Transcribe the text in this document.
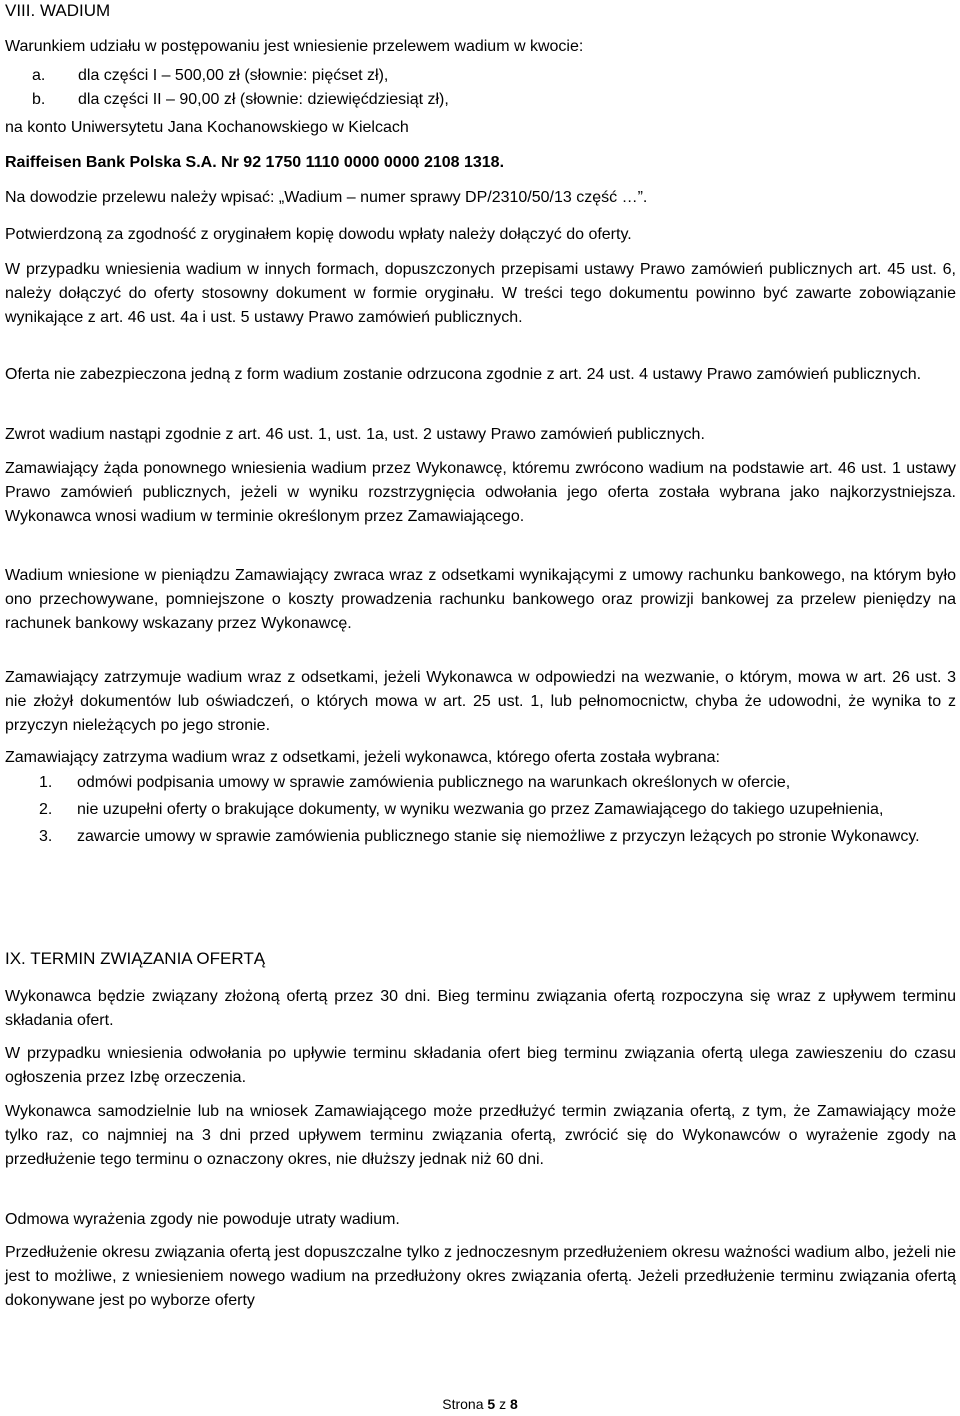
VIII. WADIUM

Warunkiem udziału w postępowaniu jest wniesienie przelewem wadium w kwocie:

a. dla części I – 500,00 zł (słownie: pięćset zł),
b. dla części II – 90,00 zł (słownie: dziewięćdziesiąt zł),

na konto Uniwersytetu Jana Kochanowskiego w Kielcach

Raiffeisen Bank Polska S.A. Nr 92 1750 1110 0000 0000 2108 1318.

Na dowodzie przelewu należy wpisać: „Wadium – numer sprawy DP/2310/50/13 część …”.

Potwierdzoną za zgodność z oryginałem kopię dowodu wpłaty należy dołączyć do oferty.

W przypadku wniesienia wadium w innych formach, dopuszczonych przepisami ustawy Prawo zamówień publicznych art. 45 ust. 6, należy dołączyć do oferty stosowny dokument w formie oryginału. W treści tego dokumentu powinno być zawarte zobowiązanie wynikające z art. 46 ust. 4a i ust. 5 ustawy Prawo zamówień publicznych.

Oferta nie zabezpieczona jedną z form wadium zostanie odrzucona zgodnie z art. 24 ust. 4 ustawy Prawo zamówień publicznych.

Zwrot wadium nastąpi zgodnie z art. 46 ust. 1, ust. 1a, ust. 2 ustawy Prawo zamówień publicznych.

Zamawiający żąda ponownego wniesienia wadium przez Wykonawcę, któremu zwrócono wadium na podstawie art. 46 ust. 1 ustawy Prawo zamówień publicznych, jeżeli w wyniku rozstrzygnięcia odwołania jego oferta została wybrana jako najkorzystniejsza. Wykonawca wnosi wadium w terminie określonym przez Zamawiającego.

Wadium wniesione w pieniądzu Zamawiający zwraca wraz z odsetkami wynikającymi z umowy rachunku bankowego, na którym było ono przechowywane, pomniejszone o koszty prowadzenia rachunku bankowego oraz prowizji bankowej za przelew pieniędzy na rachunek bankowy wskazany przez Wykonawcę.

Zamawiający zatrzymuje wadium wraz z odsetkami, jeżeli Wykonawca w odpowiedzi na wezwanie, o którym, mowa w art. 26 ust. 3 nie złożył dokumentów lub oświadczeń, o których mowa w art. 25 ust. 1, lub pełnomocnictw, chyba że udowodni, że wynika to z przyczyn nieleżących po jego stronie.

Zamawiający zatrzyma wadium wraz z odsetkami, jeżeli wykonawca, którego oferta została wybrana:

1. odmówi podpisania umowy w sprawie zamówienia publicznego na warunkach określonych w ofercie,
2. nie uzupełni oferty o brakujące dokumenty, w wyniku wezwania go przez Zamawiającego do takiego uzupełnienia,
3. zawarcie umowy w sprawie zamówienia publicznego stanie się niemożliwe z przyczyn leżących po stronie Wykonawcy.
IX. TERMIN ZWIĄZANIA OFERTĄ

Wykonawca będzie związany złożoną ofertą przez 30 dni. Bieg terminu związania ofertą rozpoczyna się wraz z upływem terminu składania ofert.

W przypadku wniesienia odwołania po upływie terminu składania ofert bieg terminu związania ofertą ulega zawieszeniu do czasu ogłoszenia przez Izbę orzeczenia.

Wykonawca samodzielnie lub na wniosek Zamawiającego może przedłużyć termin związania ofertą, z tym, że Zamawiający może tylko raz, co najmniej na 3 dni przed upływem terminu związania ofertą, zwrócić się do Wykonawców o wyrażenie zgody na przedłużenie tego terminu o oznaczony okres, nie dłuższy jednak niż 60 dni.

Odmowa wyrażenia zgody nie powoduje utraty wadium.

Przedłużenie okresu związania ofertą jest dopuszczalne tylko z jednoczesnym przedłużeniem okresu ważności wadium albo, jeżeli nie jest to możliwe, z wniesieniem nowego wadium na przedłużony okres związania ofertą. Jeżeli przedłużenie terminu związania ofertą dokonywane jest po wyborze oferty

Strona 5 z 8
